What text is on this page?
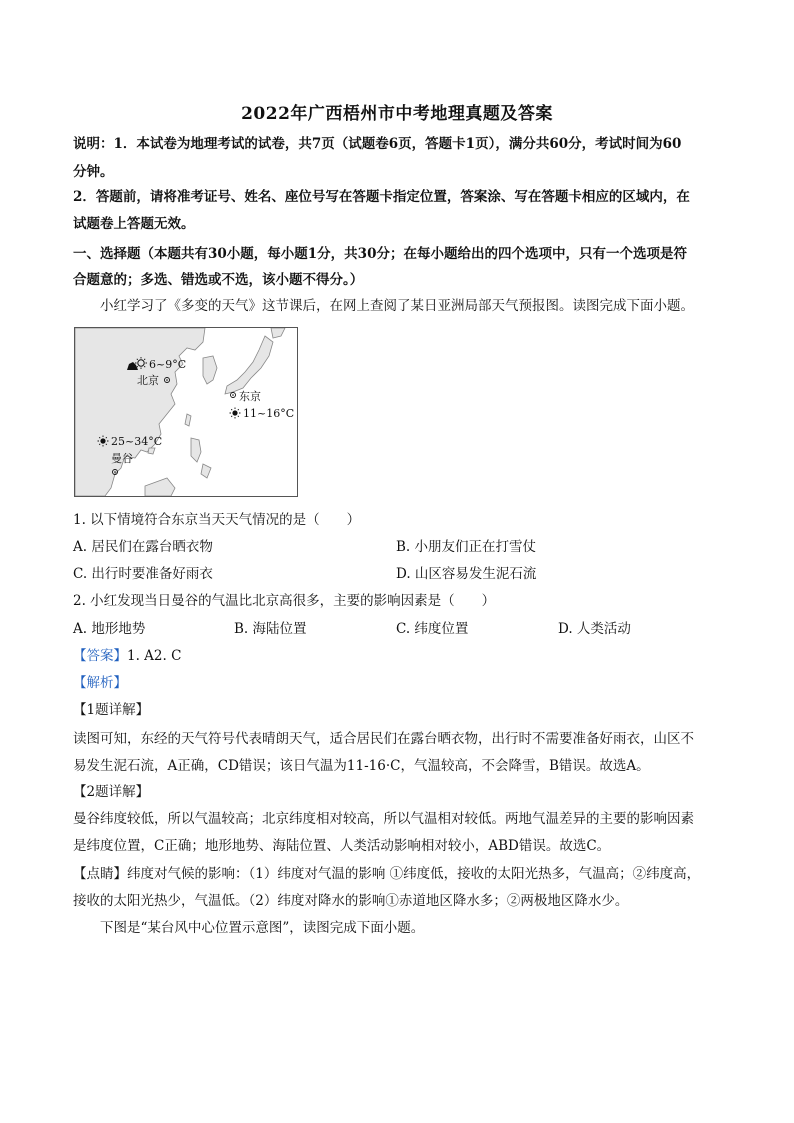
2022年广西梧州市中考地理真题及答案
说明：1．本试卷为地理考试的试卷，共7页（试题卷6页，答题卡1页），满分共60分，考试时间为60
分钟。
2．答题前，请将准考证号、姓名、座位号写在答题卡指定位置，答案涂、写在答题卡相应的区域内，在
试题卷上答题无效。
一、选择题（本题共有30小题，每小题1分，共30分；在每小题给出的四个选项中，只有一个选项是符
合题意的；多选、错选或不选，该小题不得分。）
小红学习了《多变的天气》这节课后，在网上查阅了某日亚洲局部天气预报图。读图完成下面小题。
6~9°C
北京
东京
11~16°C
25~34°C
曼谷
1. 以下情境符合东京当天天气情况的是（　　）
A. 居民们在露台晒衣物	B. 小朋友们正在打雪仗
C. 出行时要准备好雨衣	D. 山区容易发生泥石流
2. 小红发现当日曼谷的气温比北京高很多，主要的影响因素是（　　）
A. 地形地势	B. 海陆位置	C. 纬度位置	D. 人类活动
【答案】1. A2. C
【解析】
【1题详解】
读图可知，东经的天气符号代表晴朗天气，适合居民们在露台晒衣物，出行时不需要准备好雨衣，山区不
易发生泥石流，A正确，CD错误；该日气温为11-16·C，气温较高，不会降雪，B错误。故选A。
【2题详解】
曼谷纬度较低，所以气温较高；北京纬度相对较高，所以气温相对较低。两地气温差异的主要的影响因素
是纬度位置，C正确；地形地势、海陆位置、人类活动影响相对较小，ABD错误。故选C。
【点睛】纬度对气候的影响：（1）纬度对气温的影响 ①纬度低，接收的太阳光热多，气温高；②纬度高，
接收的太阳光热少，气温低。（2）纬度对降水的影响①赤道地区降水多；②两极地区降水少。
下图是“某台风中心位置示意图”，读图完成下面小题。
